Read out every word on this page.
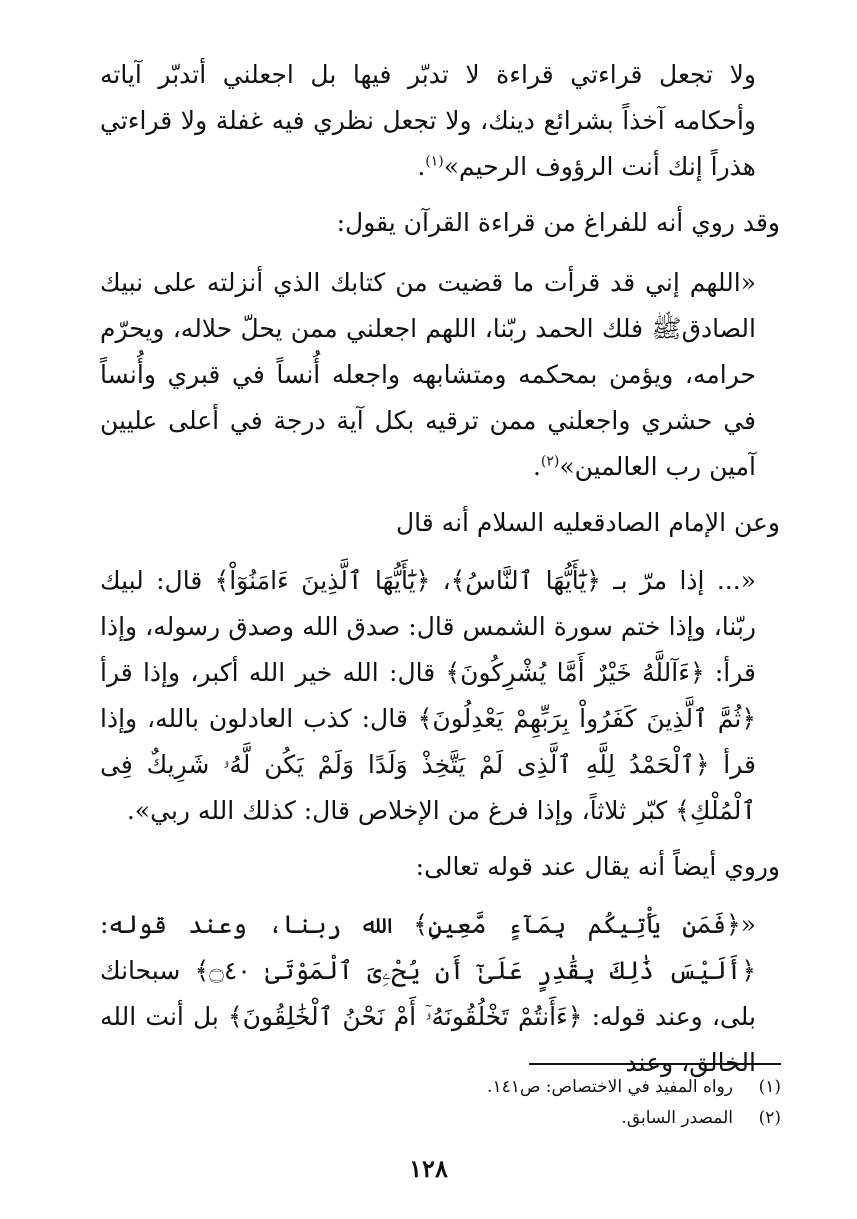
ولا تجعل قراءتي قراءة لا تدبّر فيها بل اجعلني أتدبّر آياته وأحكامه آخذاً بشرائع دينك، ولا تجعل نظري فيه غفلة ولا قراءتي هذراً إنك أنت الرؤوف الرحيم»$^{(١)}$.

وقد روي أنه للفراغ من قراءة القرآن يقول:

«اللهم إني قد قرأت ما قضيت من كتابك الذي أنزلته على نبيك الصادقﷺ فلك الحمد ربّنا، اللهم اجعلني ممن يحلّ حلاله، ويحرّم حرامه، ويؤمن بمحكمه ومتشابهه واجعله أُنساً في قبري وأُنساً في حشري واجعلني ممن ترقيه بكل آية درجة في أعلى عليين آمين رب العالمين»$^{(٢)}$.

وعن الإمام الصادق‎عليه السلام أنه قال

«... إذا مرّ بـ ﴿يَٰٓأَيُّهَا ٱلنَّاسُ﴾، ﴿يَٰٓأَيُّهَا ٱلَّذِينَ ءَامَنُوٓاْ﴾ قال: لبيك ربّنا، وإذا ختم سورة الشمس قال: صدق الله وصدق رسوله، وإذا قرأ: ﴿ءَآللَّهُ خَيْرٌ أَمَّا يُشْرِكُونَ﴾ قال: الله خير الله أكبر، وإذا قرأ ﴿ثُمَّ ٱلَّذِينَ كَفَرُواْ بِرَبِّهِمْ يَعْدِلُونَ﴾ قال: كذب العادلون بالله، وإذا قرأ ﴿ٱلْحَمْدُ لِلَّهِ ٱلَّذِى لَمْ يَتَّخِذْ وَلَدًا وَلَمْ يَكُن لَّهُۥ شَرِيكٌ فِى ٱلْمُلْكِ﴾ كبّر ثلاثاً، وإذا فرغ من الإخلاص قال: كذلك الله ربي».

وروي أيضاً أنه يقال عند قوله تعالى:

«﴿فَمَن يَأْتِيكُم بِمَآءٍ مَّعِينٍ﴾ الله ربنا، وعند قوله: ﴿أَلَيْسَ ذَٰلِكَ بِقَٰدِرٍ عَلَىٰٓ أَن يُحْۦِىَ ٱلْمَوْتَىٰ ۝٤٠﴾ سبحانك بلى، وعند قوله: ﴿ءَأَنتُمْ تَخْلُقُونَهُۥٓ أَمْ نَحْنُ ٱلْخَٰلِقُونَ﴾ بل أنت الله الخالق، وعند

(١)
رواه المفيد في الاختصاص: ص١٤١.
(٢)
المصدر السابق.
١٢٨
